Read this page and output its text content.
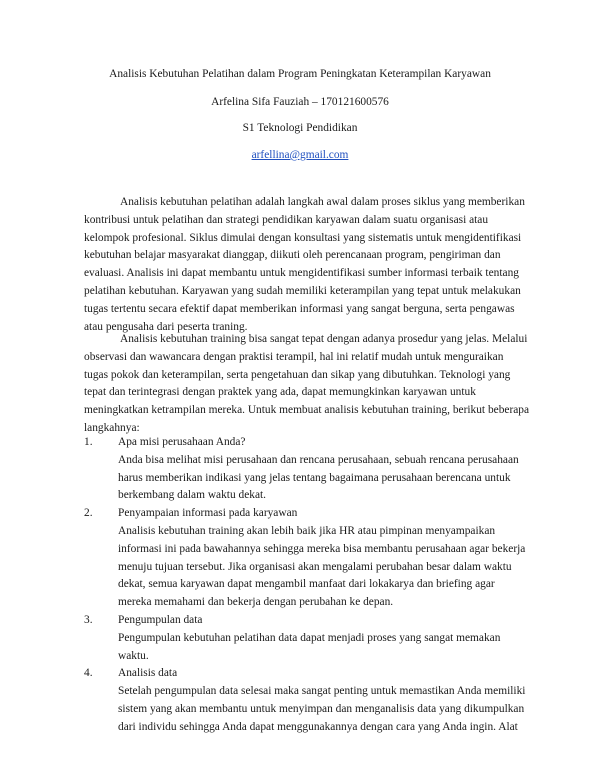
Analisis Kebutuhan Pelatihan dalam Program Peningkatan Keterampilan Karyawan
Arfelina Sifa Fauziah – 170121600576
S1 Teknologi Pendidikan
arfellina@gmail.com

Analisis kebutuhan pelatihan adalah langkah awal dalam proses siklus yang memberikan kontribusi untuk pelatihan dan strategi pendidikan karyawan dalam suatu organisasi atau kelompok profesional. Siklus dimulai dengan konsultasi yang sistematis untuk mengidentifikasi kebutuhan belajar masyarakat dianggap, diikuti oleh perencanaan program, pengiriman dan evaluasi. Analisis ini dapat membantu untuk mengidentifikasi sumber informasi terbaik tentang pelatihan kebutuhan. Karyawan yang sudah memiliki keterampilan yang tepat untuk melakukan tugas tertentu secara efektif dapat memberikan informasi yang sangat berguna, serta pengawas atau pengusaha dari peserta traning.

Analisis kebutuhan training bisa sangat tepat dengan adanya prosedur yang jelas. Melalui observasi dan wawancara dengan praktisi terampil, hal ini relatif mudah untuk menguraikan tugas pokok dan keterampilan, serta pengetahuan dan sikap yang dibutuhkan. Teknologi yang tepat dan terintegrasi dengan praktek yang ada, dapat memungkinkan karyawan untuk meningkatkan ketrampilan mereka. Untuk membuat analisis kebutuhan training, berikut beberapa langkahnya:

1.	Apa misi perusahaan Anda?
Anda bisa melihat misi perusahaan dan rencana perusahaan, sebuah rencana perusahaan harus memberikan indikasi yang jelas tentang bagaimana perusahaan berencana untuk berkembang dalam waktu dekat.
2.	Penyampaian informasi pada karyawan
Analisis kebutuhan training akan lebih baik jika HR atau pimpinan menyampaikan informasi ini pada bawahannya sehingga mereka bisa membantu perusahaan agar bekerja menuju tujuan tersebut. Jika organisasi akan mengalami perubahan besar dalam waktu dekat, semua karyawan dapat mengambil manfaat dari lokakarya dan briefing agar mereka memahami dan bekerja dengan perubahan ke depan.
3.	Pengumpulan data
Pengumpulan kebutuhan pelatihan data dapat menjadi proses yang sangat memakan waktu.
4.	Analisis data
Setelah pengumpulan data selesai maka sangat penting untuk memastikan Anda memiliki sistem yang akan membantu untuk menyimpan dan menganalisis data yang dikumpulkan dari individu sehingga Anda dapat menggunakannya dengan cara yang Anda ingin. Alat
